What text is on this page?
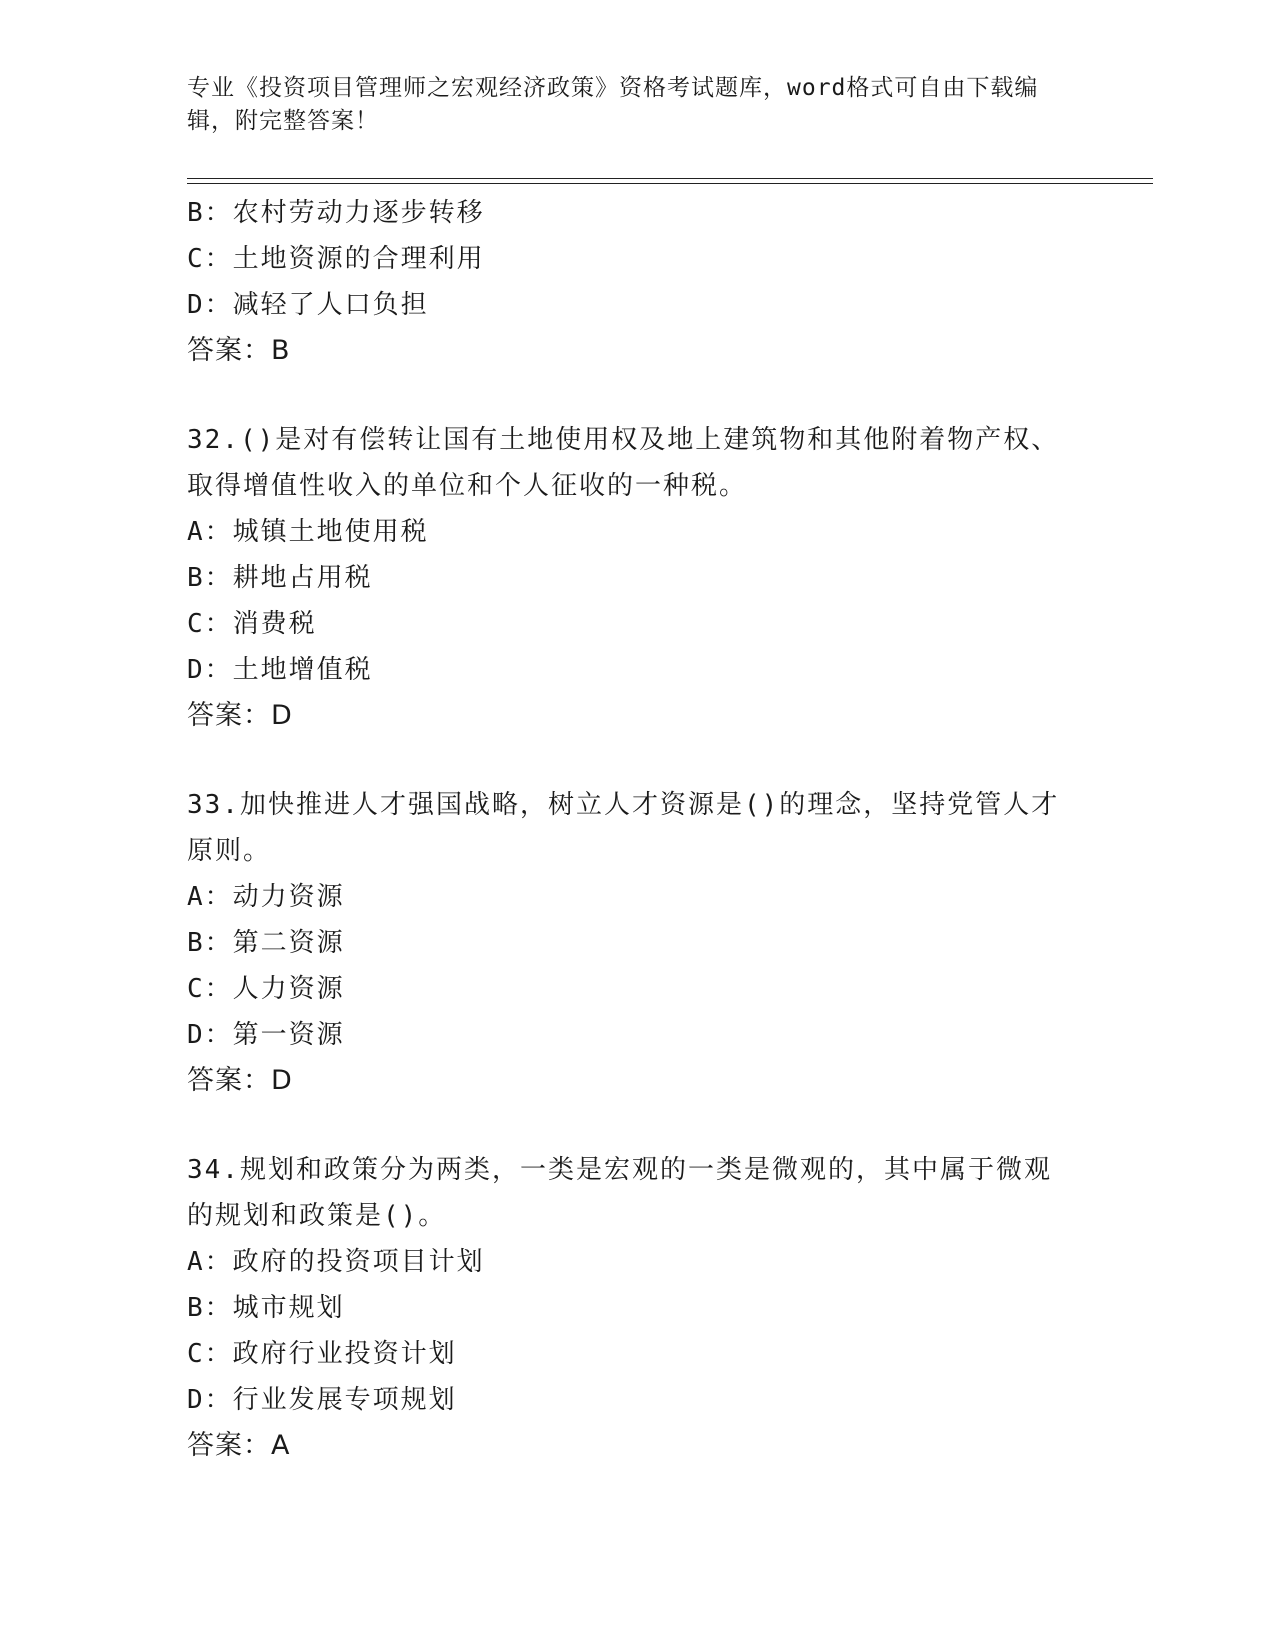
专业《投资项目管理师之宏观经济政策》资格考试题库，word格式可自由下载编
辑，附完整答案！
B：农村劳动力逐步转移
C：土地资源的合理利用
D：减轻了人口负担
答案：B
32.()是对有偿转让国有土地使用权及地上建筑物和其他附着物产权、
取得增值性收入的单位和个人征收的一种税。
A：城镇土地使用税
B：耕地占用税
C：消费税
D：土地增值税
答案：D
33.加快推进人才强国战略，树立人才资源是()的理念，坚持党管人才
原则。
A：动力资源
B：第二资源
C：人力资源
D：第一资源
答案：D
34.规划和政策分为两类，一类是宏观的一类是微观的，其中属于微观
的规划和政策是()。
A：政府的投资项目计划
B：城市规划
C：政府行业投资计划
D：行业发展专项规划
答案：A
